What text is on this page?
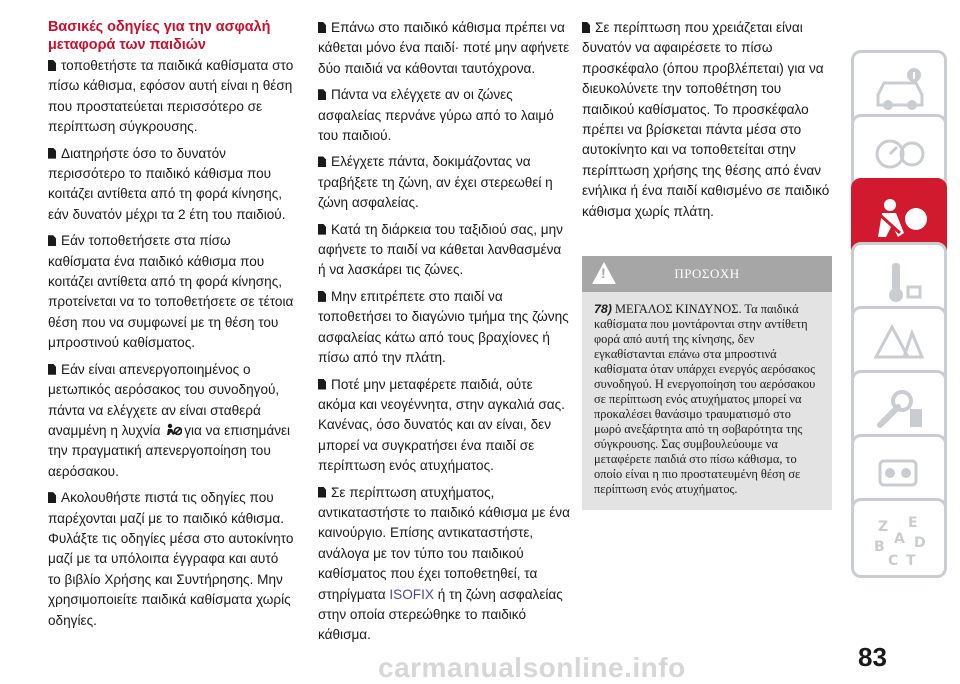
Βασικές οδηγίες για την ασφαλή μεταφορά των παιδιών
τοποθετήστε τα παιδικά καθίσματα στο πίσω κάθισμα, εφόσον αυτή είναι η θέση που προστατεύεται περισσότερο σε περίπτωση σύγκρουσης.
Διατηρήστε όσο το δυνατόν περισσότερο το παιδικό κάθισμα που κοιτάζει αντίθετα από τη φορά κίνησης, εάν δυνατόν μέχρι τα 2 έτη του παιδιού.
Εάν τοποθετήσετε στα πίσω καθίσματα ένα παιδικό κάθισμα που κοιτάζει αντίθετα από τη φορά κίνησης, προτείνεται να το τοποθετήσετε σε τέτοια θέση που να συμφωνεί με τη θέση του μπροστινού καθίσματος.
Εάν είναι απενεργοποιημένος ο μετωπικός αερόσακος του συνοδηγού, πάντα να ελέγχετε αν είναι σταθερά αναμμένη η λυχνία για να επισημάνει την πραγματική απενεργοποίηση του αερόσακου.
Ακολουθήστε πιστά τις οδηγίες που παρέχονται μαζί με το παιδικό κάθισμα. Φυλάξτε τις οδηγίες μέσα στο αυτοκίνητο μαζί με τα υπόλοιπα έγγραφα και αυτό το βιβλίο Χρήσης και Συντήρησης. Μην χρησιμοποιείτε παιδικά καθίσματα χωρίς οδηγίες.
Επάνω στο παιδικό κάθισμα πρέπει να κάθεται μόνο ένα παιδί· ποτέ μην αφήνετε δύο παιδιά να κάθονται ταυτόχρονα.
Πάντα να ελέγχετε αν οι ζώνες ασφαλείας περνάνε γύρω από το λαιμό του παιδιού.
Ελέγχετε πάντα, δοκιμάζοντας να τραβήξετε τη ζώνη, αν έχει στερεωθεί η ζώνη ασφαλείας.
Κατά τη διάρκεια του ταξιδιού σας, μην αφήνετε το παιδί να κάθεται λανθασμένα ή να λασκάρει τις ζώνες.
Μην επιτρέπετε στο παιδί να τοποθετήσει το διαγώνιο τμήμα της ζώνης ασφαλείας κάτω από τους βραχίονες ή πίσω από την πλάτη.
Ποτέ μην μεταφέρετε παιδιά, ούτε ακόμα και νεογέννητα, στην αγκαλιά σας. Κανένας, όσο δυνατός και αν είναι, δεν μπορεί να συγκρατήσει ένα παιδί σε περίπτωση ενός ατυχήματος.
Σε περίπτωση ατυχήματος, αντικαταστήστε το παιδικό κάθισμα με ένα καινούργιο. Επίσης αντικαταστήστε, ανάλογα με τον τύπο του παιδικού καθίσματος που έχει τοποθετηθεί, τα στηρίγματα ISOFIX ή τη ζώνη ασφαλείας στην οποία στερεώθηκε το παιδικό κάθισμα.
Σε περίπτωση που χρειάζεται είναι δυνατόν να αφαιρέσετε το πίσω προσκέφαλο (όπου προβλέπεται) για να διευκολύνετε την τοποθέτηση του παιδικού καθίσματος. Το προσκέφαλο πρέπει να βρίσκεται πάντα μέσα στο αυτοκίνητο και να τοποθετείται στην περίπτωση χρήσης της θέσης από έναν ενήλικα ή ένα παιδί καθισμένο σε παιδικό κάθισμα χωρίς πλάτη.
!
ΠΡΟΣΟΧΗ
78) ΜΕΓΑΛΟΣ ΚΙΝΔΥΝΟΣ. Τα παιδικά καθίσματα που μοντάρονται στην αντίθετη φορά από αυτή της κίνησης, δεν εγκαθίστανται επάνω στα μπροστινά καθίσματα όταν υπάρχει ενεργός αερόσακος συνοδηγού. Η ενεργοποίηση του αερόσακου σε περίπτωση ενός ατυχήματος μπορεί να προκαλέσει θανάσιμο τραυματισμό στο μωρό ανεξάρτητα από τη σοβαρότητα της σύγκρουσης. Σας συμβουλεύουμε να μεταφέρετε παιδιά στο πίσω κάθισμα, το οποίο είναι η πιο προστατευμένη θέση σε περίπτωση ενός ατυχήματος.
Z E
B A D
C T
83
carmanualsonline.info
